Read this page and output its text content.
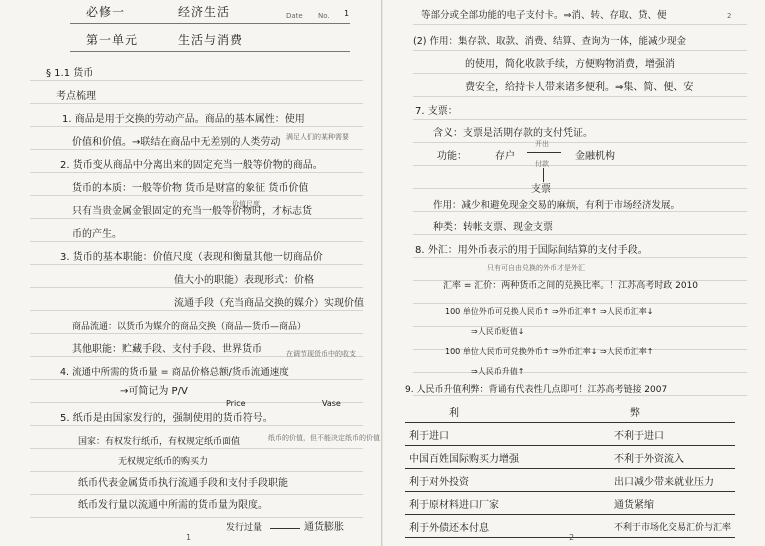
必修一	经济生活	Date No. 1
第一单元	生活与消费
§ 1.1 货币
考点梳理
1. 商品是用于交换的劳动产品。商品的基本属性：使用
价值和价值。→联结在商品中无差别的人类劳动 满足人们的某种需要
2. 货币变从商品中分离出来的固定充当一般等价物的商品。
货币的本质：一般等价物 货币是财富的象征 货币价值
价值尺度
只有当贵金属金银固定的充当一般等价物时，才标志货
币的产生。
3. 货币的基本职能：价值尺度（表现和衡量其他一切商品价
值大小的职能）表现形式：价格
流通手段（充当商品交换的媒介）实现价值
商品流通：以货币为媒介的商品交换（商品—货币—商品）
其他职能：贮藏手段、支付手段、世界货币	在调节现货币中的收支
4. 流通中所需的货币量 = 商品价格总额/货币流通速度
→可简记为 P/V
Price	Vase
5. 纸币是由国家发行的，强制使用的货币符号。
国家：有权发行纸币，有权规定纸币面值	纸币的价值，但不能决定纸币的价值
无权规定纸币的购买力
纸币代表金属货币执行流通手段和支付手段职能
纸币发行量以流通中所需的货币量为限度。
发行过量	通货膨胀
1
等部分或全部功能的电子支付卡。⇒消、转、存取、贷、便	2
(2) 作用：集存款、取款、消费、结算、查询为一体，能减少现金
的使用，简化收款手续，方便购物消费，增强消
费安全，给持卡人带来诸多便利。⇒集、简、便、安
7. 支票：
含义：支票是活期存款的支付凭证。
功能：	存户
开出
付款
金融机构
支票
作用：减少和避免现金交易的麻烦，有利于市场经济发展。
种类：转帐支票、现金支票
8. 外汇：用外币表示的用于国际间结算的支付手段。
只有可自由兑换的外币才是外汇
汇率 = 汇价：两种货币之间的兑换比率。！江苏高考时政 2010
100 单位外币可兑换人民币↑ ⇒外币汇率↑ ⇒人民币汇率↓
⇒人民币贬值↓
100 单位人民币可兑换外币↑ ⇒外币汇率↓ ⇒人民币汇率↑
⇒人民币升值↑
9. 人民币升值利弊：背诵有代表性几点即可！江苏高考链接 2007
利	弊
利于进口	不利于进口
中国百姓国际购买力增强	不利于外资流入
利于对外投资	出口减少带来就业压力
利于原材料进口厂家	通货紧缩
利于外债还本付息	不利于市场化交易汇价与汇率
2
